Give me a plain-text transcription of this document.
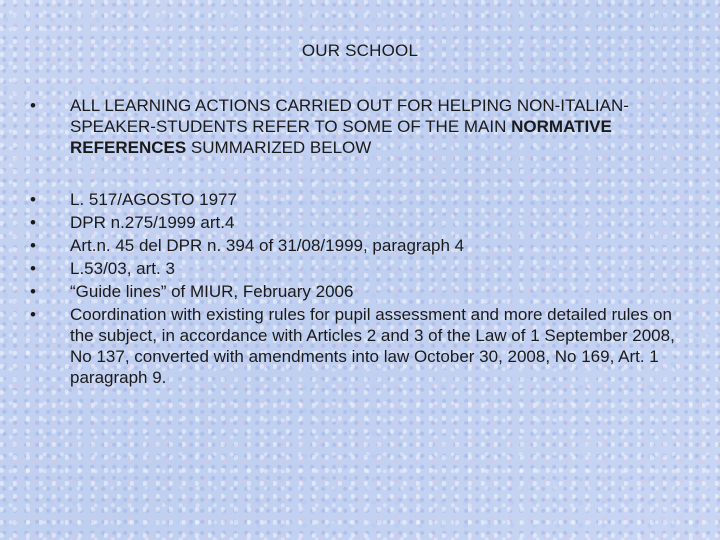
OUR SCHOOL
•	ALL LEARNING ACTIONS CARRIED OUT FOR HELPING NON-ITALIAN-SPEAKER-STUDENTS REFER TO SOME OF THE MAIN NORMATIVE REFERENCES SUMMARIZED BELOW
•	L. 517/AGOSTO 1977
•	DPR n.275/1999 art.4
•	Art.n. 45 del DPR n. 394 of 31/08/1999, paragraph 4
•	L.53/03, art. 3
•	“Guide lines” of MIUR, February 2006
•	Coordination with existing rules for pupil assessment and more detailed rules on the subject, in accordance with Articles 2 and 3 of the Law of 1 September 2008, No 137, converted with amendments into law October 30, 2008, No 169, Art. 1 paragraph 9.
